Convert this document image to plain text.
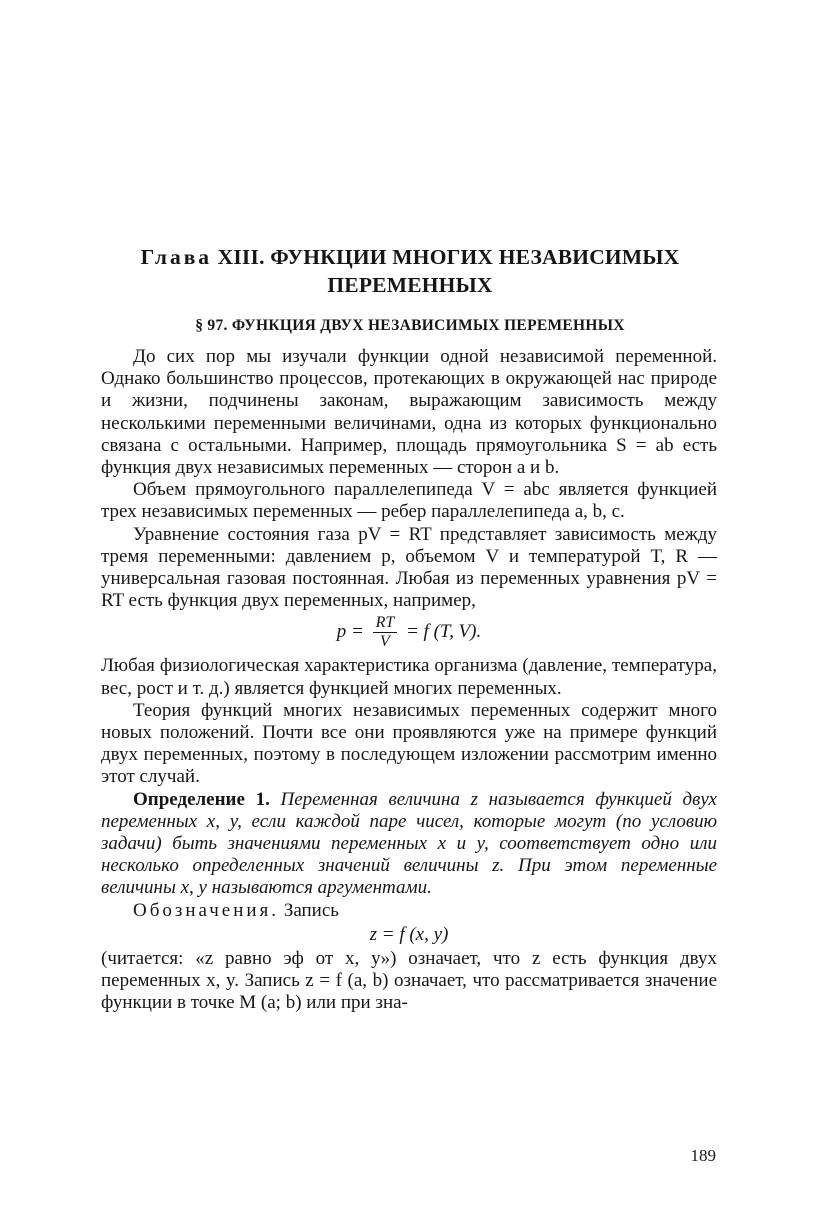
Глава XIII. ФУНКЦИИ МНОГИХ НЕЗАВИСИМЫХ
ПЕРЕМЕННЫХ
§ 97. ФУНКЦИЯ ДВУХ НЕЗАВИСИМЫХ ПЕРЕМЕННЫХ

До сих пор мы изучали функции одной независимой переменной. Однако большинство процессов, протекающих в окружающей нас природе и жизни, подчинены законам, выражающим зависимость между несколькими переменными величинами, одна из которых функционально связана с остальными. Например, площадь прямоугольника S = ab есть функция двух независимых переменных — сторон a и b.

Объем прямоугольного параллелепипеда V = abc является функцией трех независимых переменных — ребер параллелепипеда a, b, c.

Уравнение состояния газа pV = RT представляет зависимость между тремя переменными: давлением p, объемом V и температурой T, R — универсальная газовая постоянная. Любая из переменных уравнения pV = RT есть функция двух переменных, например,

$p = \frac{RT}{V} = f$ (T, V).

Любая физиологическая характеристика организма (давление, температура, вес, рост и т. д.) является функцией многих переменных.

Теория функций многих независимых переменных содержит много новых положений. Почти все они проявляются уже на примере функций двух переменных, поэтому в последующем изложении рассмотрим именно этот случай.

Определение 1. Переменная величина z называется функцией двух переменных x, y, если каждой паре чисел, которые могут (по условию задачи) быть значениями переменных x и y, соответствует одно или несколько определенных значений величины z. При этом переменные величины x, y называются аргументами.

Обозначения. Запись

z = f (x, y)

(читается: «z равно эф от x, y») означает, что z есть функция двух переменных x, y. Запись z = f (a, b) означает, что рассматривается значение функции в точке M (a; b) или при зна-

189
